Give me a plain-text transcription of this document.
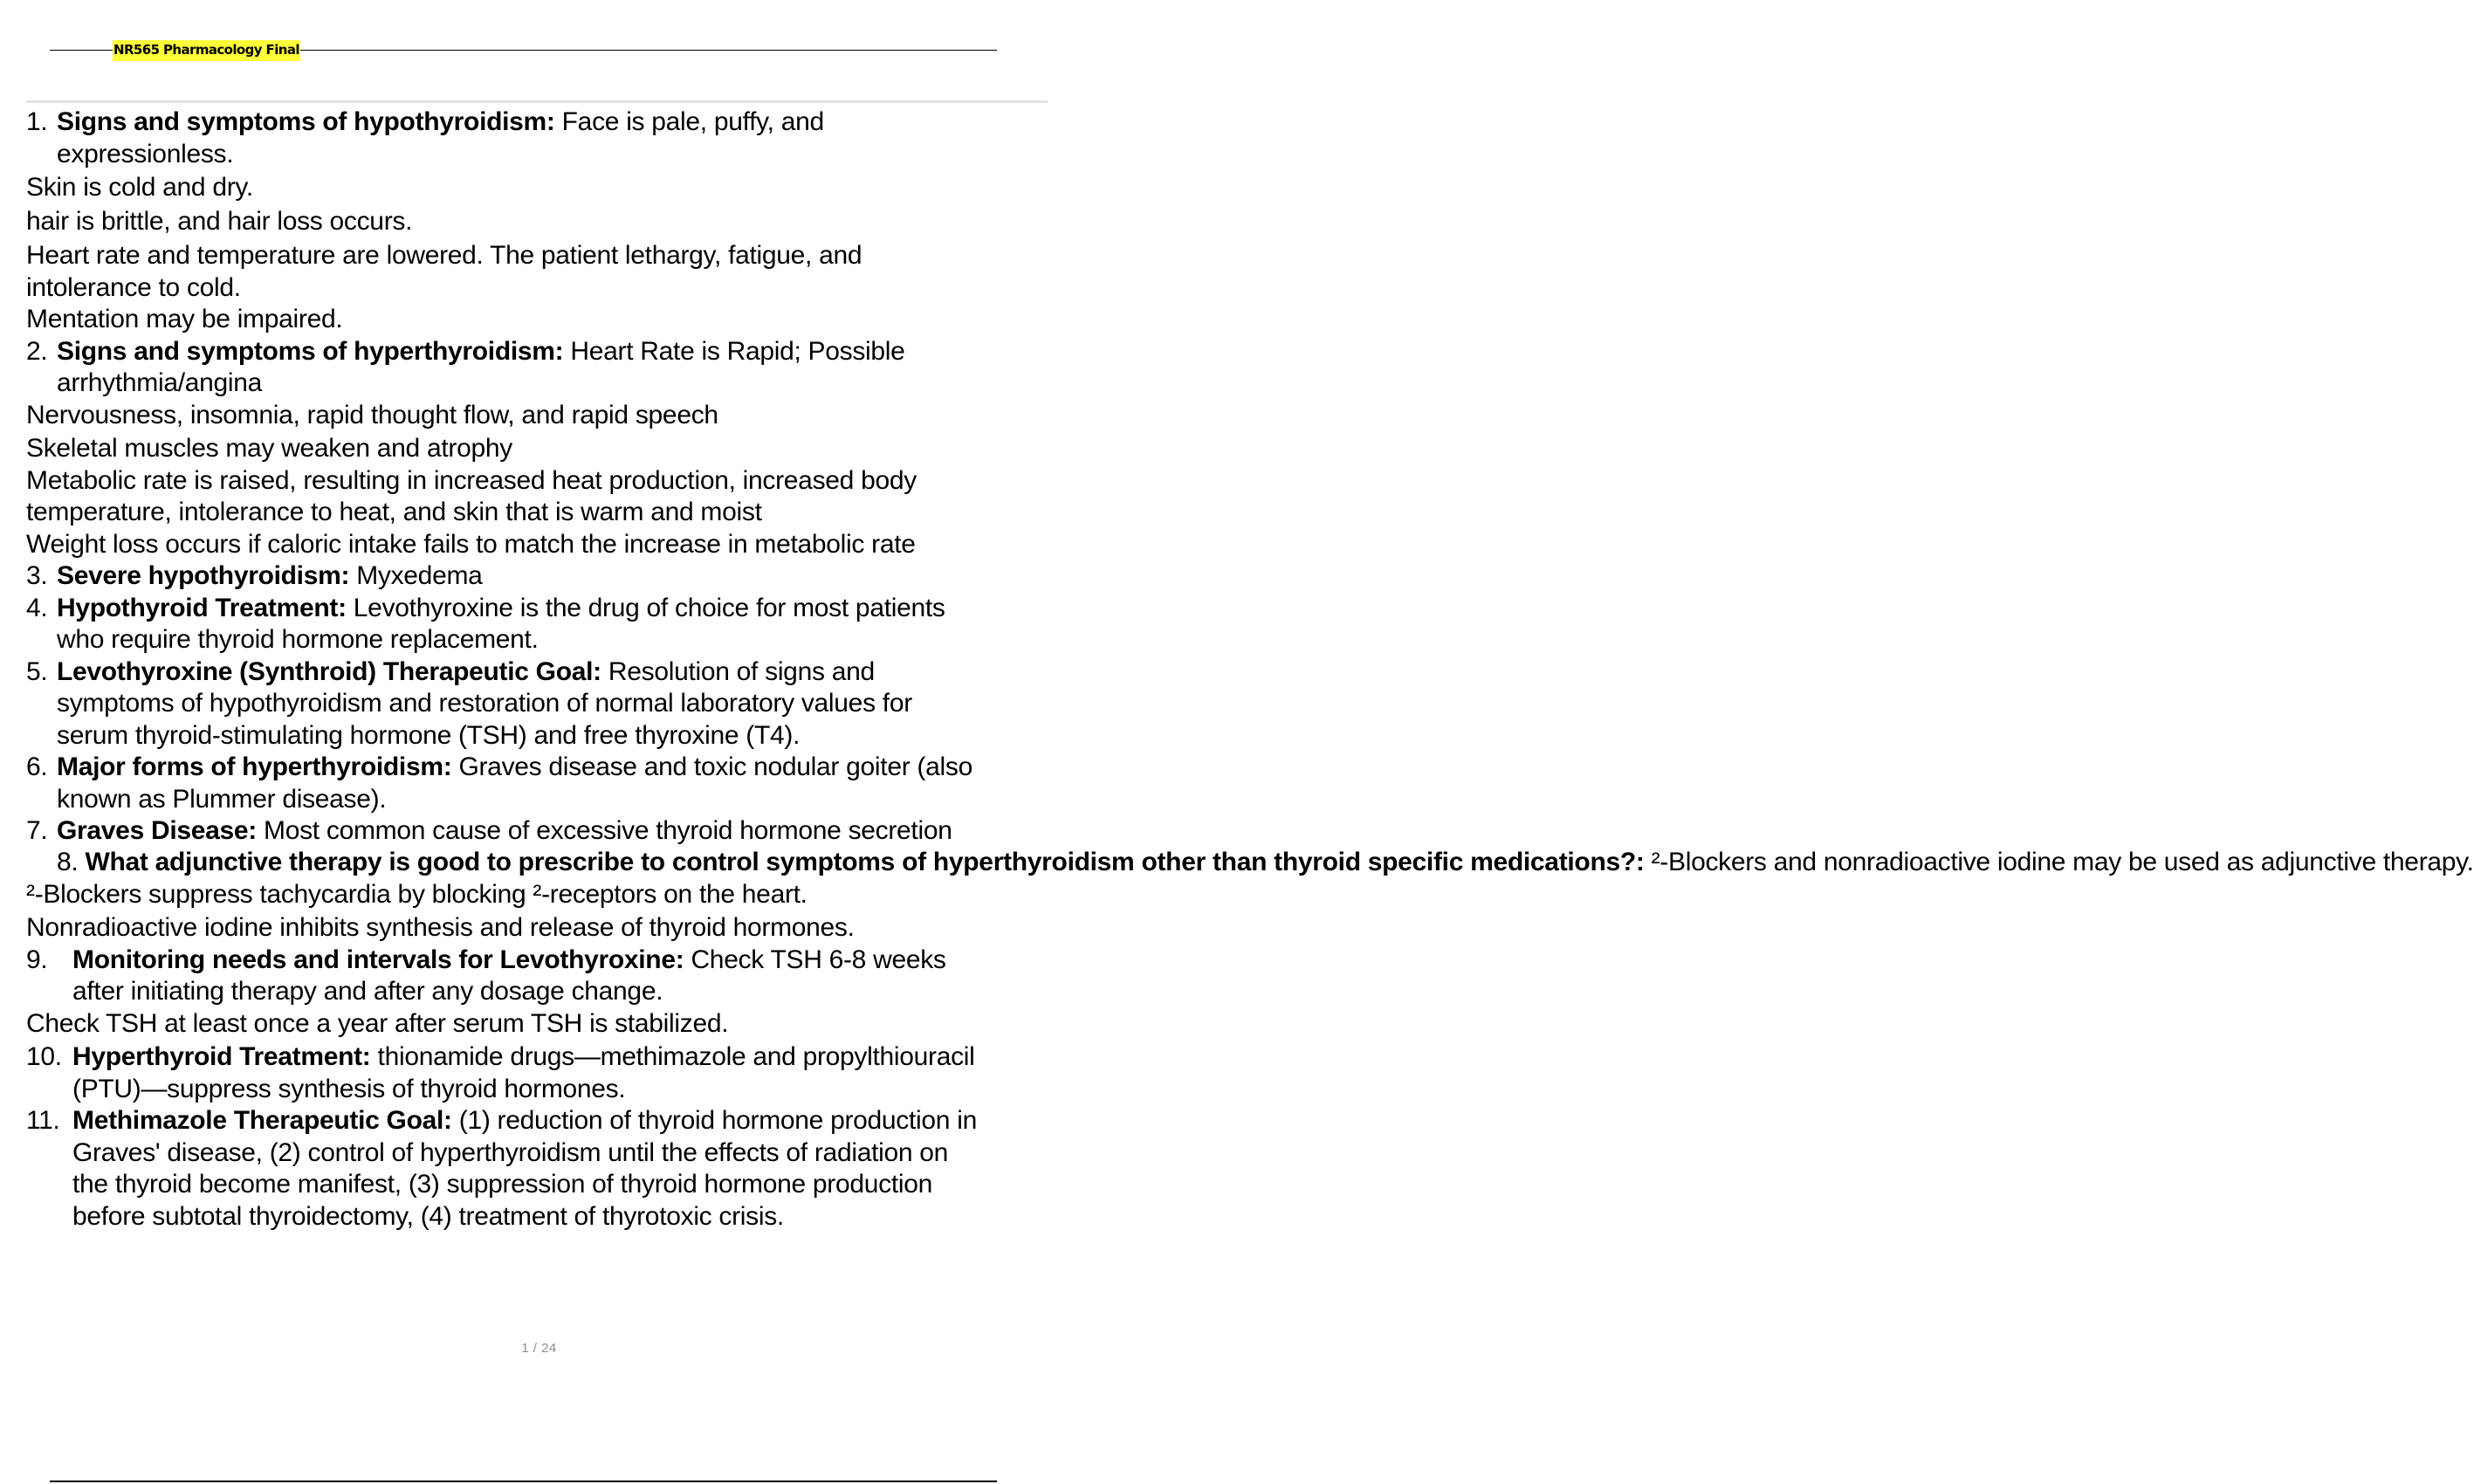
NR565 Pharmacology Final
1. Signs and symptoms of hypothyroidism: Face is pale, puffy, and
expressionless.
Skin is cold and dry.
hair is brittle, and hair loss occurs.
Heart rate and temperature are lowered. The patient lethargy, fatigue, and
intolerance to cold.
Mentation may be impaired.
2. Signs and symptoms of hyperthyroidism: Heart Rate is Rapid; Possible
arrhythmia/angina
Nervousness, insomnia, rapid thought flow, and rapid speech
Skeletal muscles may weaken and atrophy
Metabolic rate is raised, resulting in increased heat production, increased body
temperature, intolerance to heat, and skin that is warm and moist
Weight loss occurs if caloric intake fails to match the increase in metabolic rate
3. Severe hypothyroidism: Myxedema
4. Hypothyroid Treatment: Levothyroxine is the drug of choice for most patients
who require thyroid hormone replacement.
5. Levothyroxine (Synthroid) Therapeutic Goal: Resolution of signs and
symptoms of hypothyroidism and restoration of normal laboratory values for
serum thyroid-stimulating hormone (TSH) and free thyroxine (T4).
6. Major forms of hyperthyroidism: Graves disease and toxic nodular goiter (also
known as Plummer disease).
7. Graves Disease: Most common cause of excessive thyroid hormone secretion
8. What adjunctive therapy is good to prescribe to control symptoms of hyperthyroidism other than thyroid specific medications?: ²-Blockers and nonradioactive iodine may be used as adjunctive therapy.
²-Blockers suppress tachycardia by blocking ²-receptors on the heart.
Nonradioactive iodine inhibits synthesis and release of thyroid hormones.
9. Monitoring needs and intervals for Levothyroxine: Check TSH 6-8 weeks
after initiating therapy and after any dosage change.
Check TSH at least once a year after serum TSH is stabilized.
10. Hyperthyroid Treatment: thionamide drugs—methimazole and propylthiouracil
(PTU)—suppress synthesis of thyroid hormones.
11. Methimazole Therapeutic Goal: (1) reduction of thyroid hormone production in
Graves' disease, (2) control of hyperthyroidism until the effects of radiation on
the thyroid become manifest, (3) suppression of thyroid hormone production
before subtotal thyroidectomy, (4) treatment of thyrotoxic crisis.
1 / 24
